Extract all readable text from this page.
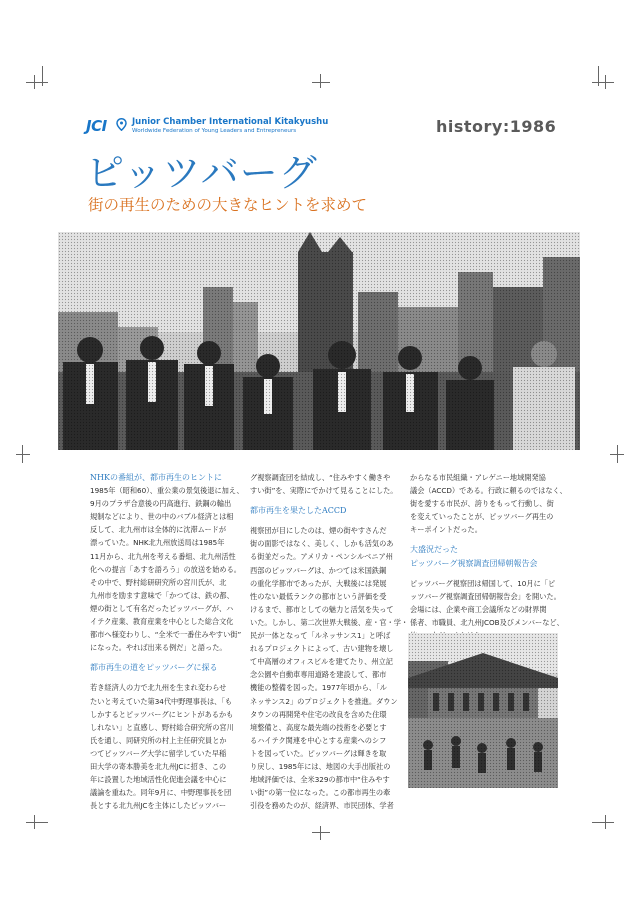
JCI	Junior Chamber International Kitakyushu
Worldwide Federation of Young Leaders and Entrepreneurs	history:1986
ピッツバーグ
街の再生のための大きなヒントを求めて

NHKの番組が、都市再生のヒントに

1985年（昭和60）、重公業の景気後退に加え、

9月のプラザ合意後の円高進行、鉄鋼の輸出

規制などにより、世の中のバブル経済とは相

反して、北九州市は全体的に沈滞ムードが

漂っていた。NHK北九州放送局は1985年

11月から、北九州を考える番組、北九州活性

化への提言「あすを語ろう」の放送を始める。

その中で、野村総研研究所の宮川氏が、北

九州市を励ます意味で「かつては、鉄の都、

煙の街として有名だったピッツバーグが、ハ

イテク産業、教育産業を中心とした総合文化

都市へ様変わりし、“全米で一番住みやすい街”

になった。やれば出来る例だ」と語った。

都市再生の道をピッツバーグに探る

若き経済人の力で北九州を生まれ変わらせ

たいと考えていた第34代中野理事長は、「も

しかするとピッツバーグにヒントがあるかも

しれない」と直感し、野村総合研究所の宮川

氏を通し、同研究所の村上主任研究員とか

つてピッツバーグ大学に留学していた早稲

田大学の寄本勝美を北九州JCに招き、この

年に設置した地域活性化促進会議を中心に

議論を重ねた。同年9月に、中野理事長を団

長とする北九州JCを主体にしたピッツバー

グ視察調査団を結成し、“住みやすく働きや

すい街”を、実際にでかけて見ることにした。

都市再生を果たしたACCD

視察団が目にしたのは、煙の街やすさんだ

街の面影ではなく、美しく、しかも活気のあ

る街並だった。アメリカ・ペンシルベニア州

西部のピッツバーグは、かつては米国鉄鋼

の重化学都市であったが、大戦後には発展

性のない最低ランクの都市という評価を受

けるまで、都市としての魅力と活気を失って

いた。しかし、第二次世界大戦後、産・官・学・

民が一体となって「ルネッサンス1」と呼ば

れるプロジェクトによって、古い建物を壊し

て中高層のオフィスビルを建てたり、州立記

念公園や自動車専用道路を建設して、都市

機能の整備を図った。1977年頃から、「ル

ネッサンス2」のプロジェクトを推進。ダウン

タウンの再開発や住宅の改良を含めた住環

境整備と、高度な最先端の技術を必要とす

るハイテク関連を中心とする産業へのシフ

トを図っていた。ピッツバーグは輝きを取

り戻し、1985年には、地図の大手出版社の

地域評価では、全米329の都市中“住みやす

い街”の第一位になった。この都市再生の牽

引役を務めたのが、経済界、市民団体、学者

からなる市民組織・アレゲニー地域開発協

議会（ACCD）である。行政に頼るのではなく、

街を愛する市民が、誇りをもって行動し、街

を変えていったことが、ピッツバーグ再生の

キーポイントだった。

大盛況だった

ピッツバーグ視察調査団帰朝報告会

ピッツバーグ視察団は帰国して、10月に「ピ

ッツバーグ視察調査団帰朝報告会」を開いた。

会場には、企業や商工会議所などの財界関

係者、市職員、北九州JCOB及びメンバーなど、
